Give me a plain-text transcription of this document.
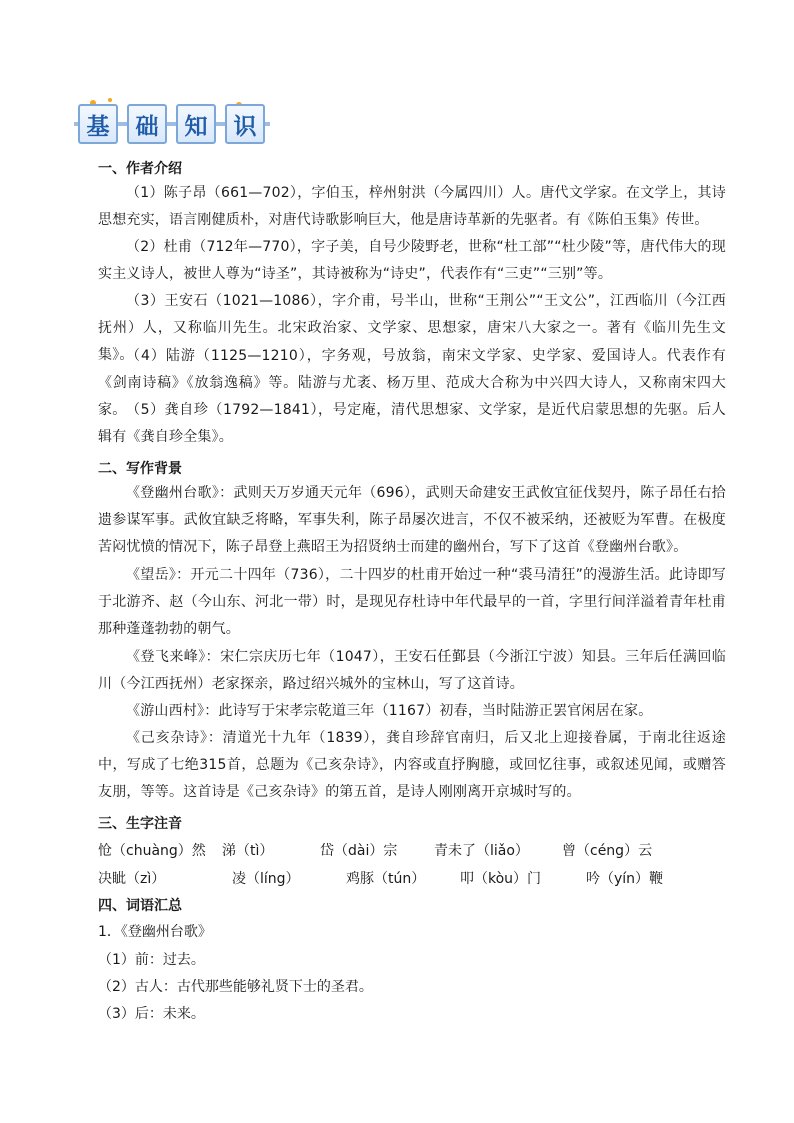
基	础	知	识
一、作者介绍

（1）陈子昂（661—702），字伯玉，梓州射洪（今属四川）人。唐代文学家。在文学上，其诗思想充实，语言刚健质朴，对唐代诗歌影响巨大，他是唐诗革新的先驱者。有《陈伯玉集》传世。

（2）杜甫（712年—770），字子美，自号少陵野老，世称“杜工部”“杜少陵”等，唐代伟大的现实主义诗人，被世人尊为“诗圣”，其诗被称为“诗史”，代表作有“三吏”“三别”等。

（3）王安石（1021—1086），字介甫，号半山，世称“王荆公”“王文公”，江西临川（今江西抚州）人，又称临川先生。北宋政治家、文学家、思想家，唐宋八大家之一。著有《临川先生文集》。

（4）陆游（1125—1210），字务观，号放翁，南宋文学家、史学家、爱国诗人。代表作有《剑南诗稿》《放翁逸稿》等。陆游与尤袤、杨万里、范成大合称为中兴四大诗人，又称南宋四大家。 （5）龚自珍（1792—1841），号定庵，清代思想家、文学家，是近代启蒙思想的先驱。后人辑有《龚自珍全集》。

二、写作背景

《登幽州台歌》：武则天万岁通天元年（696），武则天命建安王武攸宜征伐契丹，陈子昂任右拾遗参谋军事。武攸宜缺乏将略，军事失利，陈子昂屡次进言，不仅不被采纳，还被贬为军曹。在极度苦闷忧愤的情况下，陈子昂登上燕昭王为招贤纳士而建的幽州台，写下了这首《登幽州台歌》。

《望岳》：开元二十四年（736），二十四岁的杜甫开始过一种“裘马清狂”的漫游生活。此诗即写于北游齐、赵（今山东、河北一带）时，是现见存杜诗中年代最早的一首，字里行间洋溢着青年杜甫那种蓬蓬勃勃的朝气。

《登飞来峰》：宋仁宗庆历七年（1047），王安石任鄞县（今浙江宁波）知县。三年后任满回临川（今江西抚州）老家探亲，路过绍兴城外的宝林山，写了这首诗。

《游山西村》：此诗写于宋孝宗乾道三年（1167）初春，当时陆游正罢官闲居在家。

《己亥杂诗》：清道光十九年（1839），龚自珍辞官南归，后又北上迎接眷属，于南北往返途中，写成了七绝315首，总题为《己亥杂诗》，内容或直抒胸臆，或回忆往事，或叙述见闻，或赠答友朋，等等。这首诗是《己亥杂诗》的第五首，是诗人刚刚离开京城时写的。

三、生字注音
怆（chuàng）然 涕（tì）	岱（dài）宗	青未了（liǎo） 曾（céng）云
决眦（zì）	凌（líng）	鸡豚（tún） 叩（kòu）门	吟（yín）鞭
四、词语汇总
1．《登幽州台歌》
（1）前：过去。
（2）古人：古代那些能够礼贤下士的圣君。
（3）后：未来。
